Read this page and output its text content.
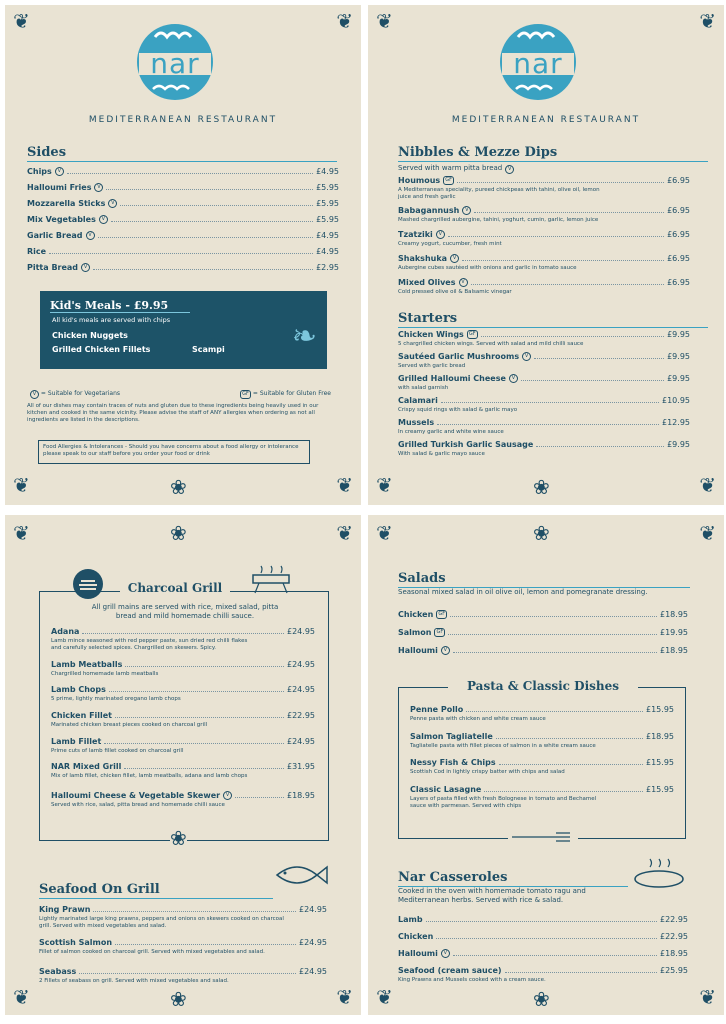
❦	❦
nar
MEDITERRANEAN RESTAURANT
Sides
Chips	V	£4.95
Halloumi Fries	V	£5.95
Mozzarella Sticks	V	£5.95
Mix Vegetables	V	£5.95
Garlic Bread	V	£4.95
Rice	£4.95
Pitta Bread	V	£2.95
Kid's Meals - £9.95
All kid's meals are served with chips
Chicken Nuggets
Grilled Chicken Fillets	Scampi ❧
V = Suitable for Vegetarians	GF = Suitable for Gluten Free
All of our dishes may contain traces of nuts and gluten due to these ingredients being heavily used in our kitchen and cooked in the same vicinity. Please advise the staff of ANY allergies when ordering as not all ingredients are listed in the descriptions.
Food Allergies & Intolerances - Should you have concerns about a food allergy or intolerance please speak to our staff before you order your food or drink
❦	❀	❦
❦	❦
nar
MEDITERRANEAN RESTAURANT
Nibbles & Mezze Dips
Served with warm pitta bread V
Houmous	GF	£6.95
A Mediterranean speciality, pureed chickpeas with tahini, olive oil, lemon juice and fresh garlic
Babagannush	V	£6.95
Mashed chargrilled aubergine, tahini, yoghurt, cumin, garlic, lemon juice
Tzatziki	V	£6.95
Creamy yogurt, cucumber, fresh mint
Shakshuka	V	£6.95
Aubergine cubes sautéed with onions and garlic in tomato sauce
Mixed Olives	V	£6.95
Cold pressed olive oil & Balsamic vinegar
Starters
Chicken Wings	GF	£9.95
5 chargrilled chicken wings. Served with salad and mild chilli sauce
Sautéed Garlic Mushrooms	V	£9.95
Served with garlic bread
Grilled Halloumi Cheese	V	£9.95
with salad garnish
Calamari	£10.95
Crispy squid rings with salad & garlic mayo
Mussels	£12.95
In creamy garlic and white wine sauce
Grilled Turkish Garlic Sausage	£9.95
With salad & garlic mayo sauce
❦	❀	❦
❦	❀	❦
Charcoal Grill
All grill mains are served with rice, mixed salad, pitta bread and mild homemade chilli sauce.
Adana	£24.95
Lamb mince seasoned with red pepper paste, sun dried red chilli flakes and carefully selected spices. Chargrilled on skewers. Spicy.
Lamb Meatballs	£24.95
Chargrilled homemade lamb meatballs
Lamb Chops	£24.95
5 prime, lightly marinated oregano lamb chops
Chicken Fillet	£22.95
Marinated chicken breast pieces cooked on charcoal grill
Lamb Fillet	£24.95
Prime cuts of lamb fillet cooked on charcoal grill
NAR Mixed Grill	£31.95
Mix of lamb fillet, chicken fillet, lamb meatballs, adana and lamb chops
Halloumi Cheese & Vegetable Skewer	V	£18.95
Served with rice, salad, pitta bread and homemade chilli sauce
❀
Seafood On Grill
King Prawn	£24.95
Lightly marinated large king prawns, peppers and onions on skewers cooked on charcoal grill. Served with mixed vegetables and salad.
Scottish Salmon	£24.95
Fillet of salmon cooked on charcoal grill. Served with mixed vegetables and salad.
Seabass	£24.95
2 Fillets of seabass on grill. Served with mixed vegetables and salad.
❦	❀	❦
❦	❀	❦
Salads
Seasonal mixed salad in oil olive oil, lemon and pomegranate dressing.
Chicken	GF	£18.95
Salmon	GF	£19.95
Halloumi	V	£18.95
Pasta & Classic Dishes
Penne Pollo	£15.95
Penne pasta with chicken and white cream sauce
Salmon Tagliatelle	£18.95
Tagliatelle pasta with fillet pieces of salmon in a white cream sauce
Nessy Fish & Chips	£15.95
Scottish Cod in lightly crispy batter with chips and salad
Classic Lasagne	£15.95
Layers of pasta filled with fresh Bolognese in tomato and Bechamel sauce with parmesan. Served with chips
Nar Casseroles
Cooked in the oven with homemade tomato ragu and Mediterranean herbs. Served with rice & salad.
Lamb	£22.95
Chicken	£22.95
Halloumi	V	£18.95
Seafood (cream sauce)	£25.95
King Prawns and Mussels cooked with a cream sauce.
❦	❀	❦
